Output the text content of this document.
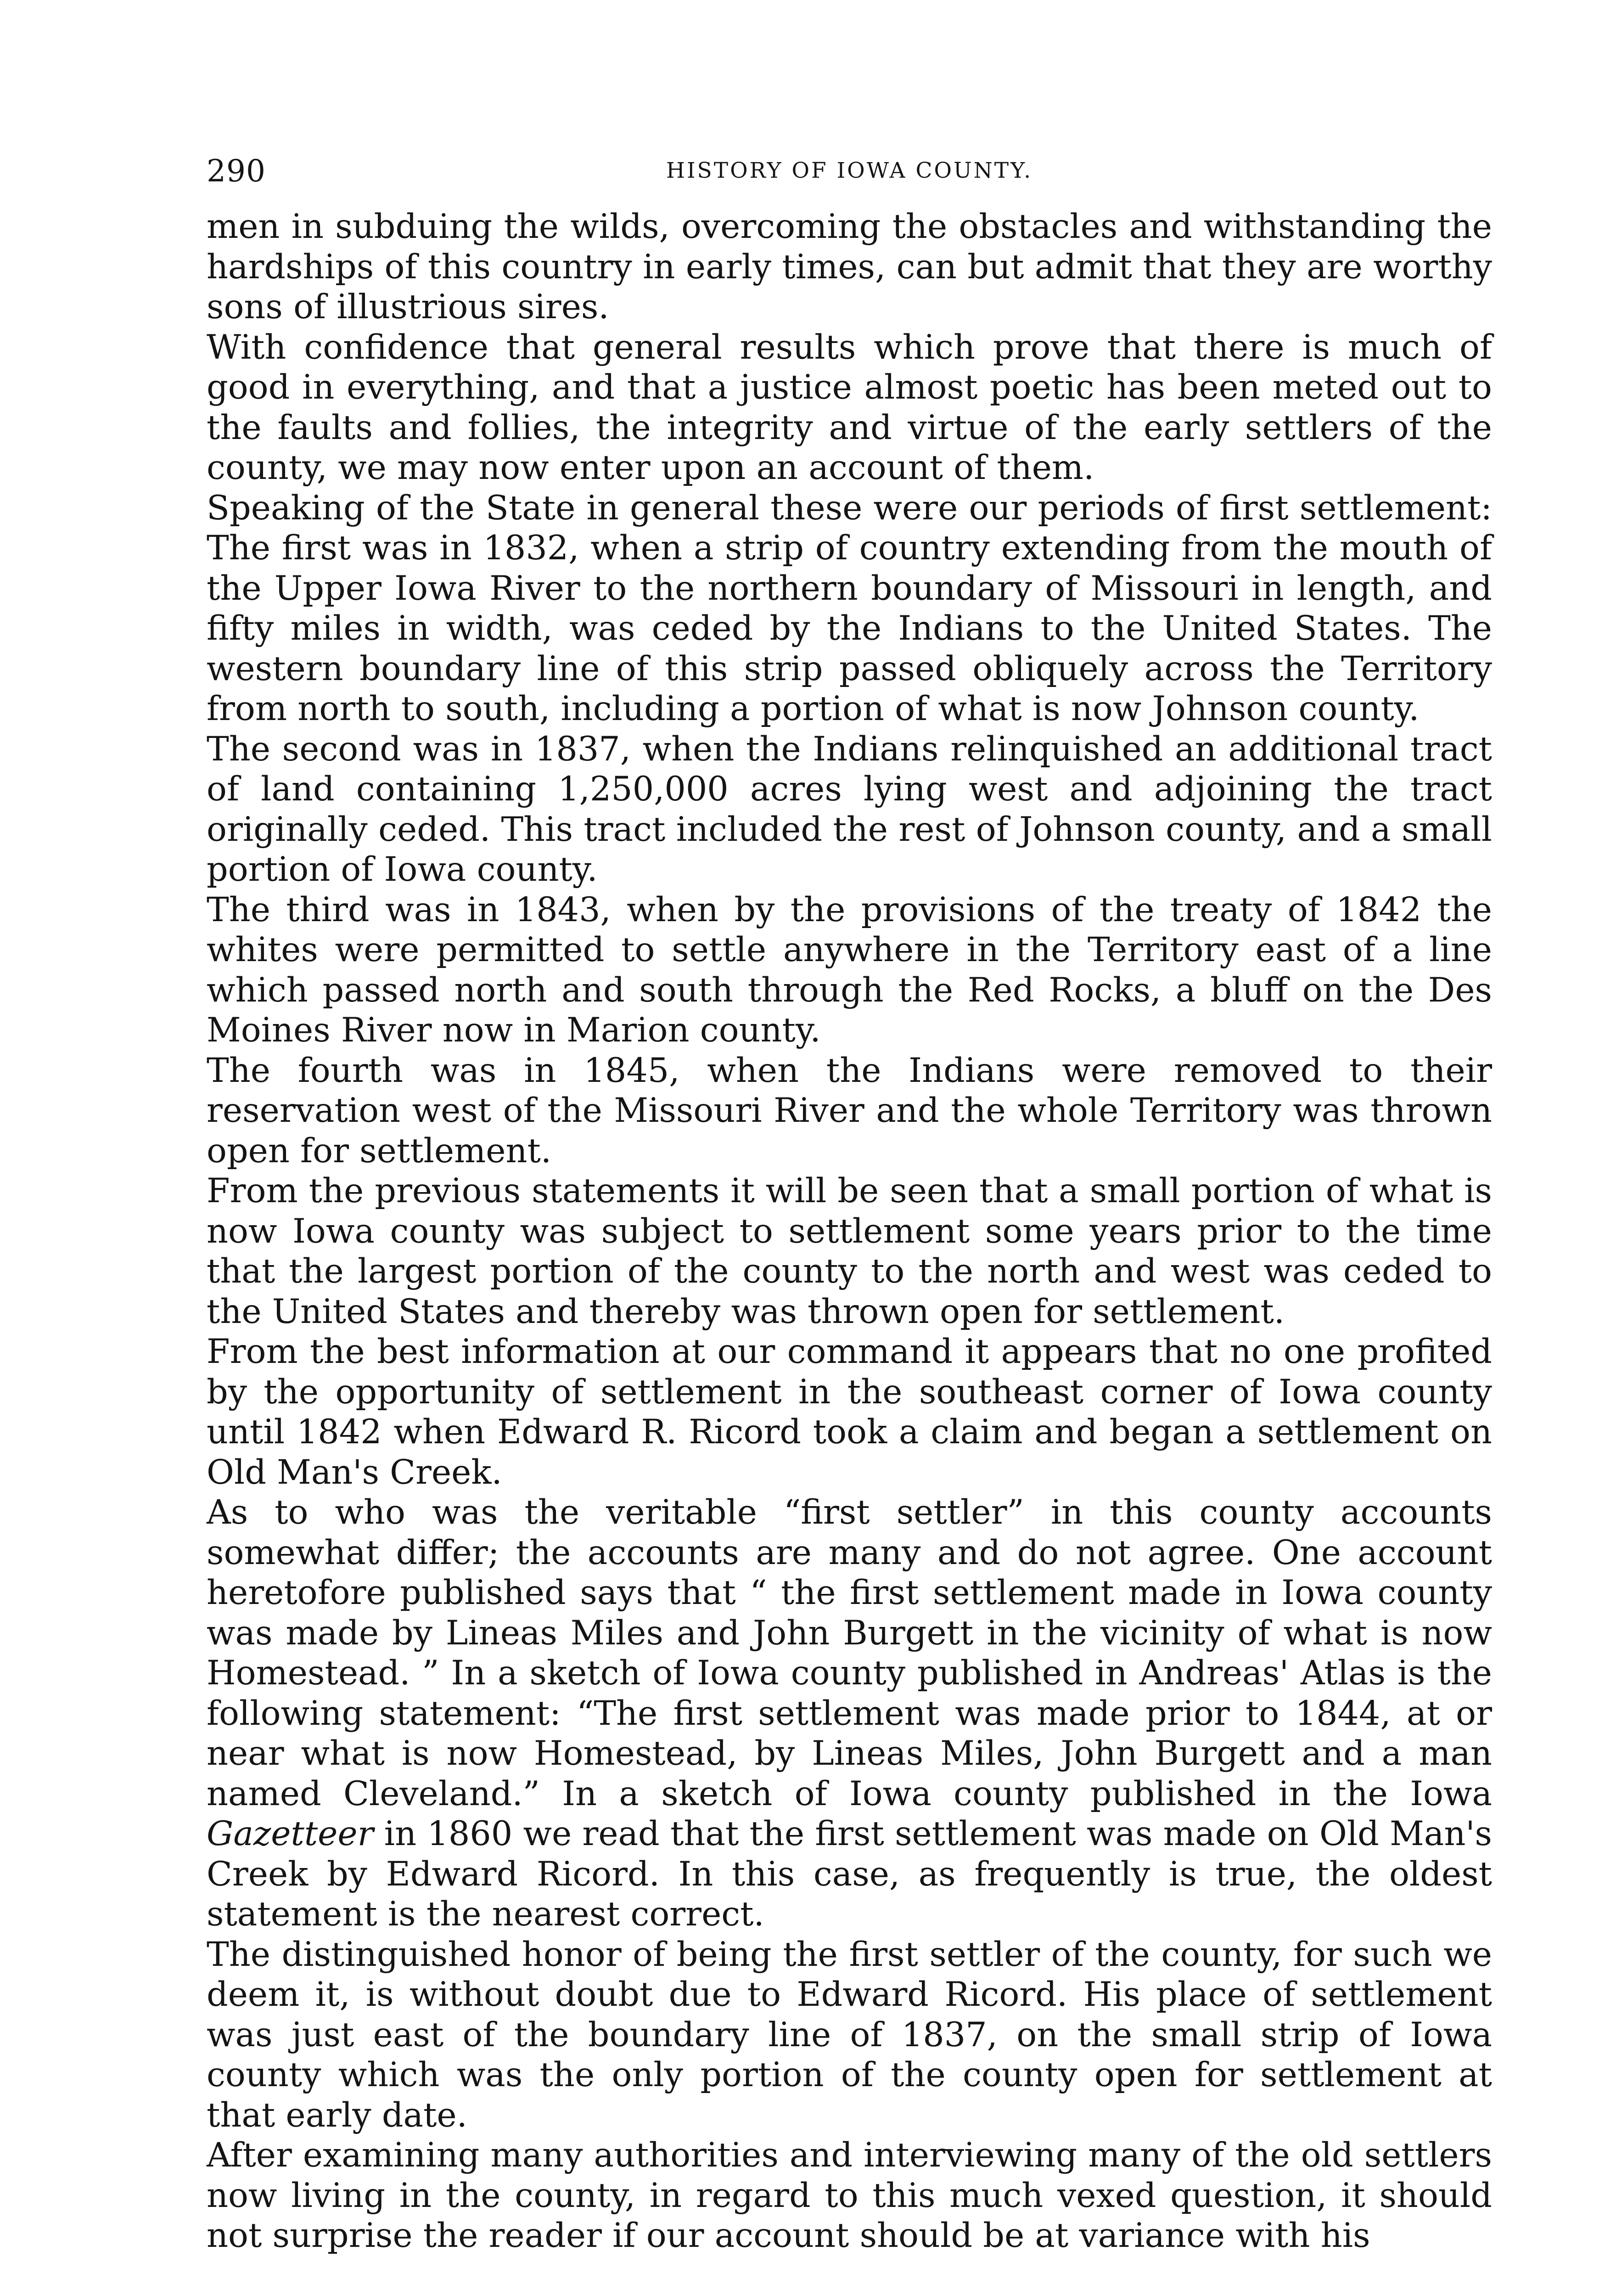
290	HISTORY OF IOWA COUNTY.

men in subduing the wilds, overcoming the obstacles and withstanding the hardships of this country in early times, can but admit that they are worthy sons of illustrious sires.

With confidence that general results which prove that there is much of good in everything, and that a justice almost poetic has been meted out to the faults and follies, the integrity and virtue of the early settlers of the county, we may now enter upon an account of them.

Speaking of the State in general these were our periods of first settlement: The first was in 1832, when a strip of country extending from the mouth of the Upper Iowa River to the northern boundary of Missouri in length, and fifty miles in width, was ceded by the Indians to the United States. The western boundary line of this strip passed obliquely across the Territory from north to south, including a portion of what is now Johnson county.

The second was in 1837, when the Indians relinquished an additional tract of land containing 1,250,000 acres lying west and adjoining the tract originally ceded. This tract included the rest of Johnson county, and a small portion of Iowa county.

The third was in 1843, when by the provisions of the treaty of 1842 the whites were permitted to settle anywhere in the Territory east of a line which passed north and south through the Red Rocks, a bluff on the Des Moines River now in Marion county.

The fourth was in 1845, when the Indians were removed to their reservation west of the Missouri River and the whole Territory was thrown open for settlement.

From the previous statements it will be seen that a small portion of what is now Iowa county was subject to settlement some years prior to the time that the largest portion of the county to the north and west was ceded to the United States and thereby was thrown open for settlement.

From the best information at our command it appears that no one profited by the opportunity of settlement in the southeast corner of Iowa county until 1842 when Edward R. Ricord took a claim and began a settlement on Old Man's Creek.

As to who was the veritable “first settler” in this county accounts somewhat differ; the accounts are many and do not agree. One account heretofore published says that “ the first settlement made in Iowa county was made by Lineas Miles and John Burgett in the vicinity of what is now Homestead. ” In a sketch of Iowa county published in Andreas' Atlas is the following statement: “The first settlement was made prior to 1844, at or near what is now Homestead, by Lineas Miles, John Burgett and a man named Cleveland.” In a sketch of Iowa county published in the Iowa Gazetteer in 1860 we read that the first settlement was made on Old Man's Creek by Edward Ricord. In this case, as frequently is true, the oldest statement is the nearest correct.

The distinguished honor of being the first settler of the county, for such we deem it, is without doubt due to Edward Ricord. His place of settlement was just east of the boundary line of 1837, on the small strip of Iowa county which was the only portion of the county open for settlement at that early date.

After examining many authorities and interviewing many of the old settlers now living in the county, in regard to this much vexed question, it should not surprise the reader if our account should be at variance with his
